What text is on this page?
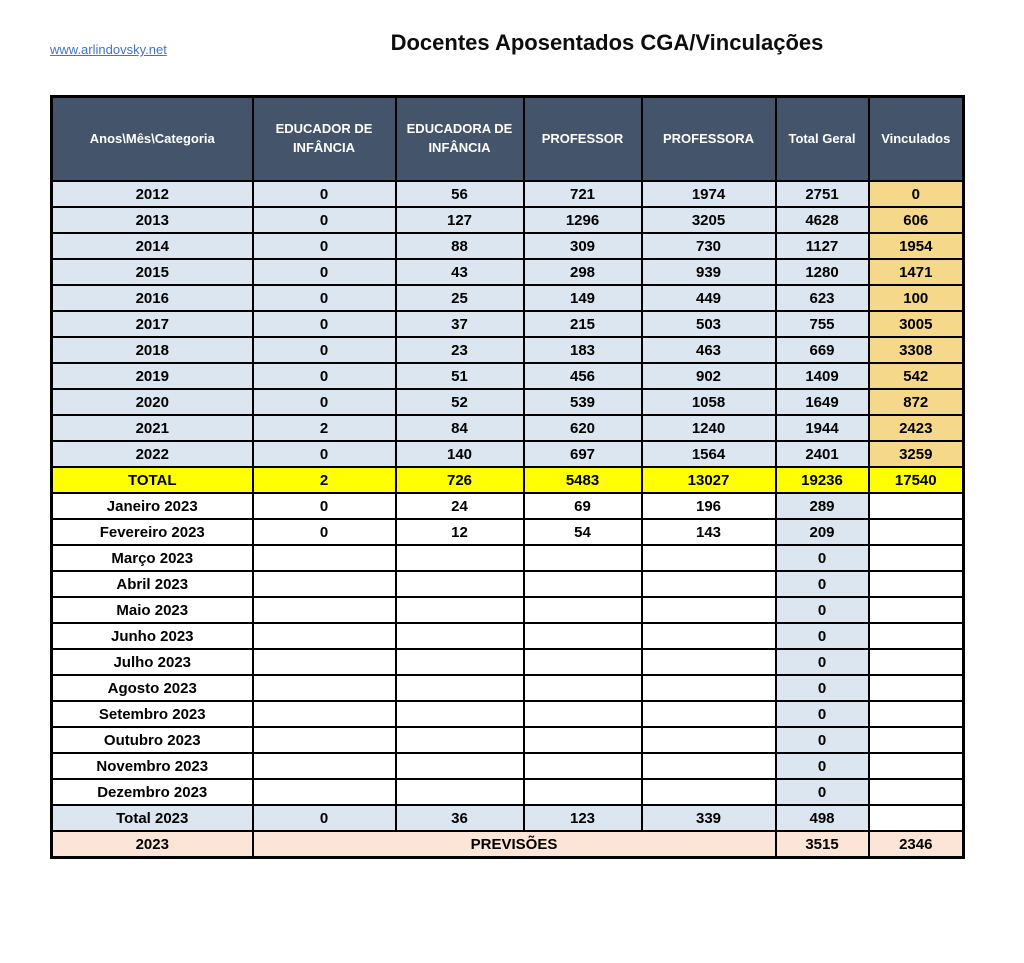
www.arlindovsky.net	Docentes Aposentados CGA/Vinculações
Anos\Mês\Categoria	EDUCADOR DE INFÂNCIA	EDUCADORA DE INFÂNCIA	PROFESSOR	PROFESSORA	Total Geral	Vinculados
2012	0	56	721	1974	2751	0
2013	0	127	1296	3205	4628	606
2014	0	88	309	730	1127	1954
2015	0	43	298	939	1280	1471
2016	0	25	149	449	623	100
2017	0	37	215	503	755	3005
2018	0	23	183	463	669	3308
2019	0	51	456	902	1409	542
2020	0	52	539	1058	1649	872
2021	2	84	620	1240	1944	2423
2022	0	140	697	1564	2401	3259
TOTAL	2	726	5483	13027	19236	17540
Janeiro 2023	0	24	69	196	289	
Fevereiro 2023	0	12	54	143	209	
Março 2023					0	
Abril 2023					0	
Maio 2023					0	
Junho 2023					0	
Julho 2023					0	
Agosto 2023					0	
Setembro 2023					0	
Outubro 2023					0	
Novembro 2023					0	
Dezembro 2023					0	
Total 2023	0	36	123	339	498	
2023	PREVISÕES				3515	2346
